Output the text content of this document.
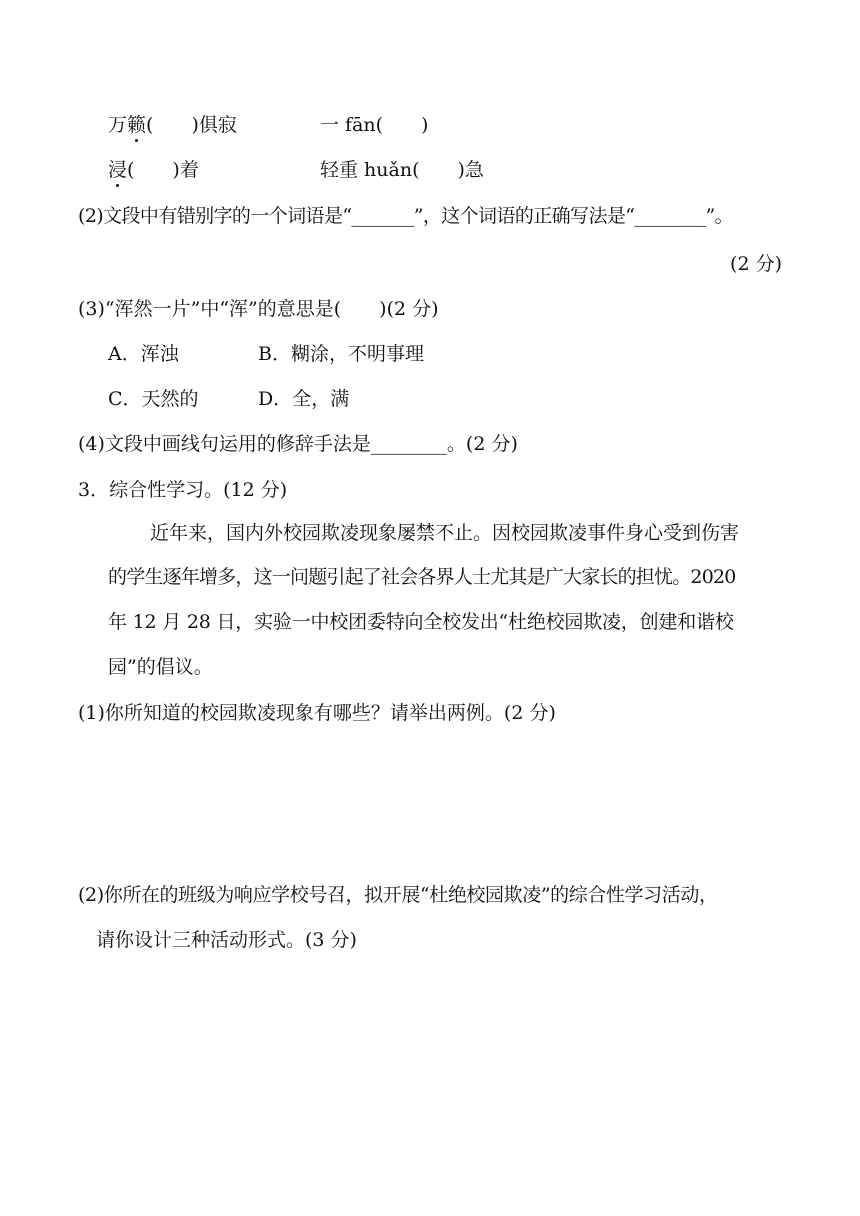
万籁(　　)俱寂	一 fān(　　)
浸(　　)着	轻重 huǎn(　　)急
(2)文段中有错别字的一个词语是“_______”，这个词语的正确写法是“________”。
(2 分)
(3)“浑然一片”中“浑”的意思是(　　)(2 分)
A．浑浊	B．糊涂，不明事理
C．天然的	D．全，满
(4)文段中画线句运用的修辞手法是________。(2 分)
3．综合性学习。(12 分)
近年来，国内外校园欺凌现象屡禁不止。因校园欺凌事件身心受到伤害
的学生逐年增多，这一问题引起了社会各界人士尤其是广大家长的担忧。2020
年 12 月 28 日，实验一中校团委特向全校发出“杜绝校园欺凌，创建和谐校
园”的倡议。
(1)你所知道的校园欺凌现象有哪些？请举出两例。(2 分)
(2)你所在的班级为响应学校号召，拟开展“杜绝校园欺凌”的综合性学习活动，
请你设计三种活动形式。(3 分)
